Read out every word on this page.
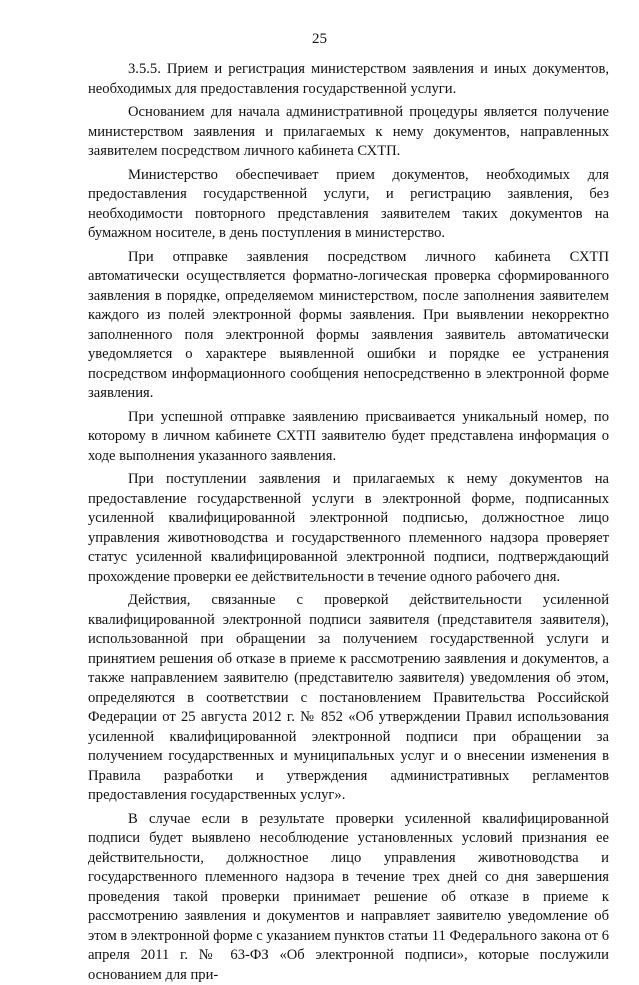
25

3.5.5. Прием и регистрация министерством заявления и иных документов, необходимых для предоставления государственной услуги.

Основанием для начала административной процедуры является получение министерством заявления и прилагаемых к нему документов, направленных заявителем посредством личного кабинета СХТП.

Министерство обеспечивает прием документов, необходимых для предоставления государственной услуги, и регистрацию заявления, без необходимости повторного представления заявителем таких документов на бумажном носителе, в день поступления в министерство.

При отправке заявления посредством личного кабинета СХТП автоматически осуществляется форматно-логическая проверка сформированного заявления в порядке, определяемом министерством, после заполнения заявителем каждого из полей электронной формы заявления. При выявлении некорректно заполненного поля электронной формы заявления заявитель автоматически уведомляется о характере выявленной ошибки и порядке ее устранения посредством информационного сообщения непосредственно в электронной форме заявления.

При успешной отправке заявлению присваивается уникальный номер, по которому в личном кабинете СХТП заявителю будет представлена информация о ходе выполнения указанного заявления.

При поступлении заявления и прилагаемых к нему документов на предоставление государственной услуги в электронной форме, подписанных усиленной квалифицированной электронной подписью, должностное лицо управления животноводства и государственного племенного надзора проверяет статус усиленной квалифицированной электронной подписи, подтверждающий прохождение проверки ее действительности в течение одного рабочего дня.

Действия, связанные с проверкой действительности усиленной квалифицированной электронной подписи заявителя (представителя заявителя), использованной при обращении за получением государственной услуги и принятием решения об отказе в приеме к рассмотрению заявления и документов, а также направлением заявителю (представителю заявителя) уведомления об этом, определяются в соответствии с постановлением Правительства Российской Федерации от 25 августа 2012 г. № 852 «Об утверждении Правил использования усиленной квалифицированной электронной подписи при обращении за получением государственных и муниципальных услуг и о внесении изменения в Правила разработки и утверждения административных регламентов предоставления государственных услуг».

В случае если в результате проверки усиленной квалифицированной подписи будет выявлено несоблюдение установленных условий признания ее действительности, должностное лицо управления животноводства и государственного племенного надзора в течение трех дней со дня завершения проведения такой проверки принимает решение об отказе в приеме к рассмотрению заявления и документов и направляет заявителю уведомление об этом в электронной форме с указанием пунктов статьи 11 Федерального закона от 6 апреля 2011 г. № 63-ФЗ «Об электронной подписи», которые послужили основанием для при-
